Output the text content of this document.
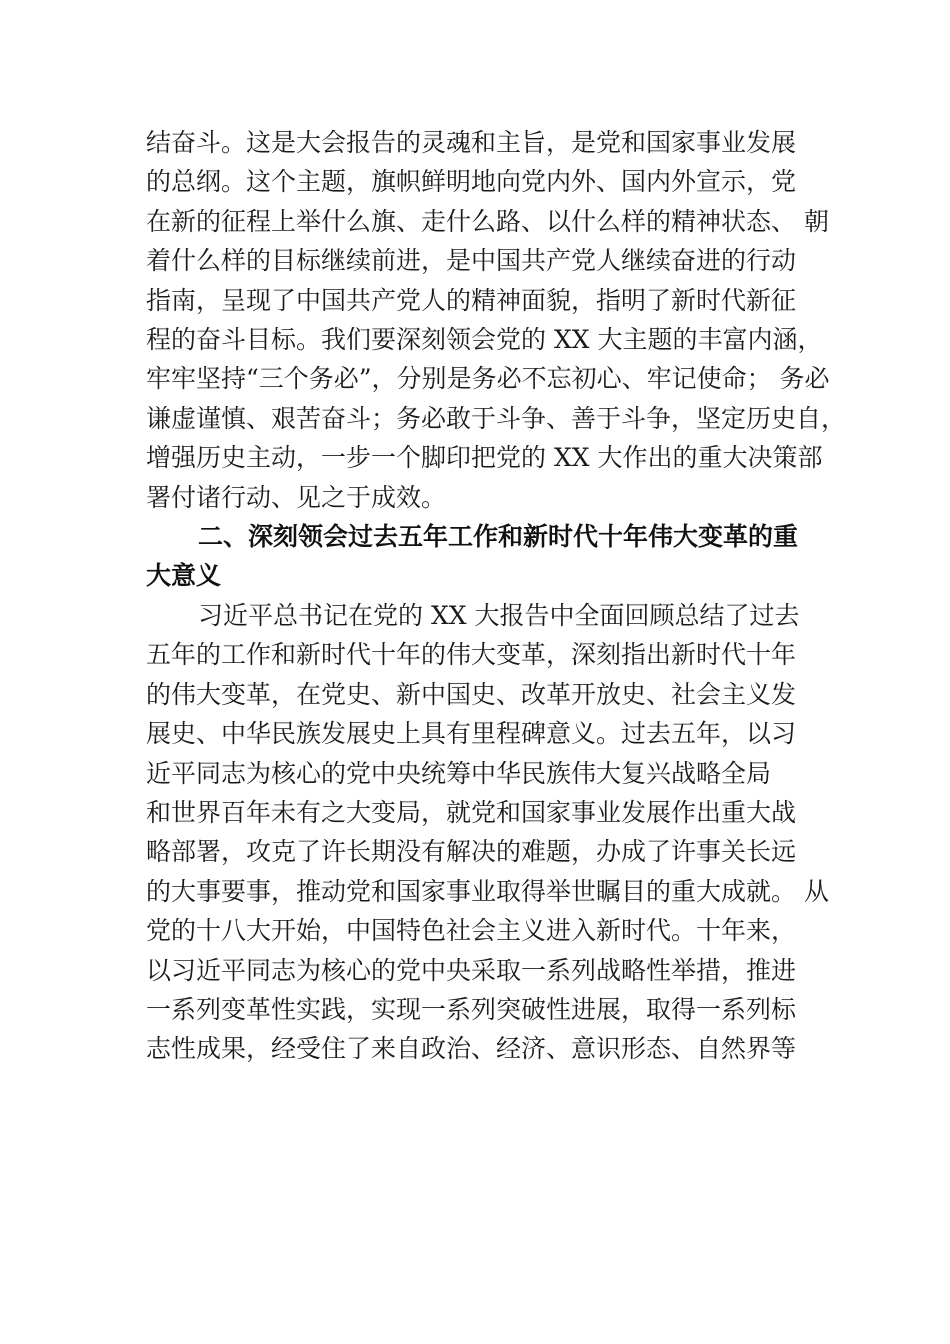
结奋斗。这是大会报告的灵魂和主旨，是党和国家事业发展
的总纲。这个主题，旗帜鲜明地向党内外、国内外宣示，党
在新的征程上举什么旗、走什么路、以什么样的精神状态、 朝
着什么样的目标继续前进，是中国共产党人继续奋进的行动
指南，呈现了中国共产党人的精神面貌，指明了新时代新征
程的奋斗目标。我们要深刻领会党的 XX 大主题的丰富内涵，
牢牢坚持“三个务必”，分别是务必不忘初心、牢记使命； 务必
谦虚谨慎、艰苦奋斗；务必敢于斗争、善于斗争，坚定历史自，
增强历史主动，一步一个脚印把党的 XX 大作出的重大决策部
署付诸行动、见之于成效。
二、深刻领会过去五年工作和新时代十年伟大变革的重
大意义
习近平总书记在党的 XX 大报告中全面回顾总结了过去
五年的工作和新时代十年的伟大变革，深刻指出新时代十年
的伟大变革，在党史、新中国史、改革开放史、社会主义发
展史、中华民族发展史上具有里程碑意义。过去五年，以习
近平同志为核心的党中央统筹中华民族伟大复兴战略全局
和世界百年未有之大变局，就党和国家事业发展作出重大战
略部署，攻克了许长期没有解决的难题，办成了许事关长远
的大事要事，推动党和国家事业取得举世瞩目的重大成就。 从
党的十八大开始，中国特色社会主义进入新时代。十年来，
以习近平同志为核心的党中央采取一系列战略性举措，推进
一系列变革性实践，实现一系列突破性进展，取得一系列标
志性成果，经受住了来自政治、经济、意识形态、自然界等
